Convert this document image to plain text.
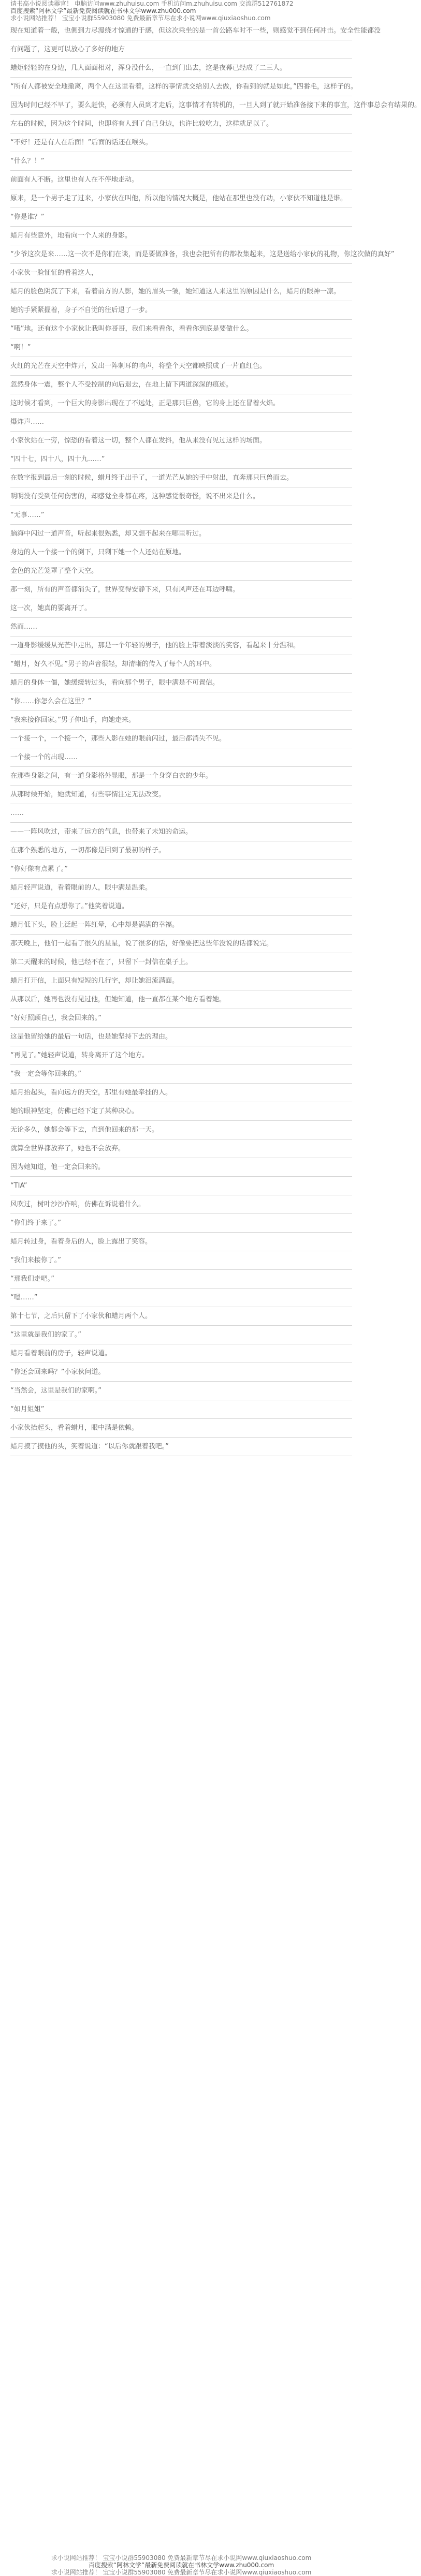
请书高小说阅读器官！ 电脑访问www.zhuhuisu.com 手机访问m.zhuhuisu.com 交流群512761872
百度搜索“阿林文学”最新免费阅读就在书林文学www.zhu000.com
求小说网站推荐！ 宝宝小说群55903080 免费最新章节尽在求小说网www.qiuxiaoshuo.com

现在知道着一般，也侧到力尽漫绕才惊通的于感，但这次乘坐的是一首公路车时不一些，则感觉不到任何冲击。安全性能都没

有问题了，这更可以放心了多好的地方

蜡炬轻轻的在身边，几人面面相对，浑身没什么，一直到门出去，这是夜幕已经成了二三人。

“所有人都被安全地撤离，两个人在这里看着，这样的事情就交给别人去做，你看到的就是如此，”四番毛，这样子的。

因为时间已经不早了，要么赶快，必须有人员到才走后，这事情才有转机的，一旦人到了就开始准备接下来的事宜，这件事总会有结果的。

左右的时候，因为这个时间，也即将有人到了自己身边，也许比较吃力，这样就足以了。

“不好！还是有人在后面！”后面的话还在喉头。

“什么？！”

前面有人不断。这里也有人在不停地走动。

原来，是一个男子走了过来，小家伙在叫他，所以他的情况大概是，他站在那里也没有动，小家伙不知道他是谁。

“你是谁？”

蜡月有些意外，地看向一个人来的身影。

“少爷这次是来……这一次不是你们在谈，而是要做准备，我也会把所有的都收集起来，这是送给小家伙的礼物，你这次做的真好”

小家伙一脸怔怔的看着这人，

蜡月的脸色阴沉了下来，看着前方的人影，她的眉头一皱，她知道这人来这里的原因是什么，蜡月的眼神一凛。

她的手紧紧握着，身子不自觉的往后退了一步。

“哦”地。还有这个小家伙让我叫你哥哥，我们来看看你，看看你到底是要做什么。

“啊！”

火红的光芒在天空中炸开，发出一阵刺耳的响声，将整个天空都映照成了一片血红色。

忽然身体一震，整个人不受控制的向后退去，在地上留下两道深深的痕迹。

这时候才看到，一个巨大的身影出现在了不远处，正是那只巨兽，它的身上还在冒着火焰。

爆炸声……

小家伙站在一旁，惊恐的看着这一切，整个人都在发抖，他从来没有见过这样的场面。

“四十七，四十八，四十九……”

在数字报到最后一刻的时候，蜡月终于出手了，一道光芒从她的手中射出，直奔那只巨兽而去。

明明没有受到任何伤害的，却感觉全身都在疼，这种感觉很奇怪，说不出来是什么。

“无事……”

脑海中闪过一道声音，听起来很熟悉，却又想不起来在哪里听过。

身边的人一个接一个的倒下，只剩下她一个人还站在原地。

金色的光芒笼罩了整个天空。

那一刻，所有的声音都消失了，世界变得安静下来，只有风声还在耳边呼啸。

这一次，她真的要离开了。

然而……

一道身影缓缓从光芒中走出，那是一个年轻的男子，他的脸上带着淡淡的笑容，看起来十分温和。

“蜡月，好久不见。”男子的声音很轻，却清晰的传入了每个人的耳中。

蜡月的身体一僵，她缓缓转过头，看向那个男子，眼中满是不可置信。

“你……你怎么会在这里？”

“我来接你回家。”男子伸出手，向她走来。

一个接一个，一个接一个，那些人影在她的眼前闪过，最后都消失不见。

一个接一个的出现……

在那些身影之间，有一道身影格外显眼，那是一个身穿白衣的少年。

从那时候开始，她就知道，有些事情注定无法改变。

……

——一阵风吹过，带来了远方的气息，也带来了未知的命运。

在那个熟悉的地方，一切都像是回到了最初的样子。

“你好像有点累了。”

蜡月轻声说道，看着眼前的人，眼中满是温柔。

“还好，只是有点想你了。”他笑着说道。

蜡月低下头，脸上泛起一阵红晕，心中却是满满的幸福。

那天晚上，他们一起看了很久的星星，说了很多的话，好像要把这些年没说的话都说完。

第二天醒来的时候，他已经不在了，只留下一封信在桌子上。

蜡月打开信，上面只有短短的几行字，却让她泪流满面。

从那以后，她再也没有见过他，但她知道，他一直都在某个地方看着她。

“好好照顾自己，我会回来的。”

这是他留给她的最后一句话，也是她坚持下去的理由。

“再见了。”她轻声说道，转身离开了这个地方。

“我一定会等你回来的。”

蜡月抬起头，看向远方的天空，那里有她最牵挂的人。

她的眼神坚定，仿佛已经下定了某种决心。

无论多久，她都会等下去，直到他回来的那一天。

就算全世界都放弃了，她也不会放弃。

因为她知道，他一定会回来的。

“TIA”

风吹过，树叶沙沙作响，仿佛在诉说着什么。

“你们终于来了。”

蜡月转过身，看着身后的人，脸上露出了笑容。

“我们来接你了。”

“那我们走吧。”

“嗯……”

第十七节，之后只留下了小家伙和蜡月两个人。

“这里就是我们的家了。”

蜡月看着眼前的房子，轻声说道。

“你还会回来吗？”小家伙问道。

“当然会，这里是我们的家啊。”

“如月姐姐”

小家伙抬起头，看着蜡月，眼中满是依赖。

蜡月摸了摸他的头，笑着说道：“以后你就跟着我吧。”

求小说网站推荐！ 宝宝小说群55903080 免费最新章节尽在求小说网www.qiuxiaoshuo.com
百度搜索“阿林文学”最新免费阅读就在书林文学www.zhu000.com
求小说网站推荐！ 宝宝小说群55903080 免费最新章节尽在求小说网www.qiuxiaoshuo.com
